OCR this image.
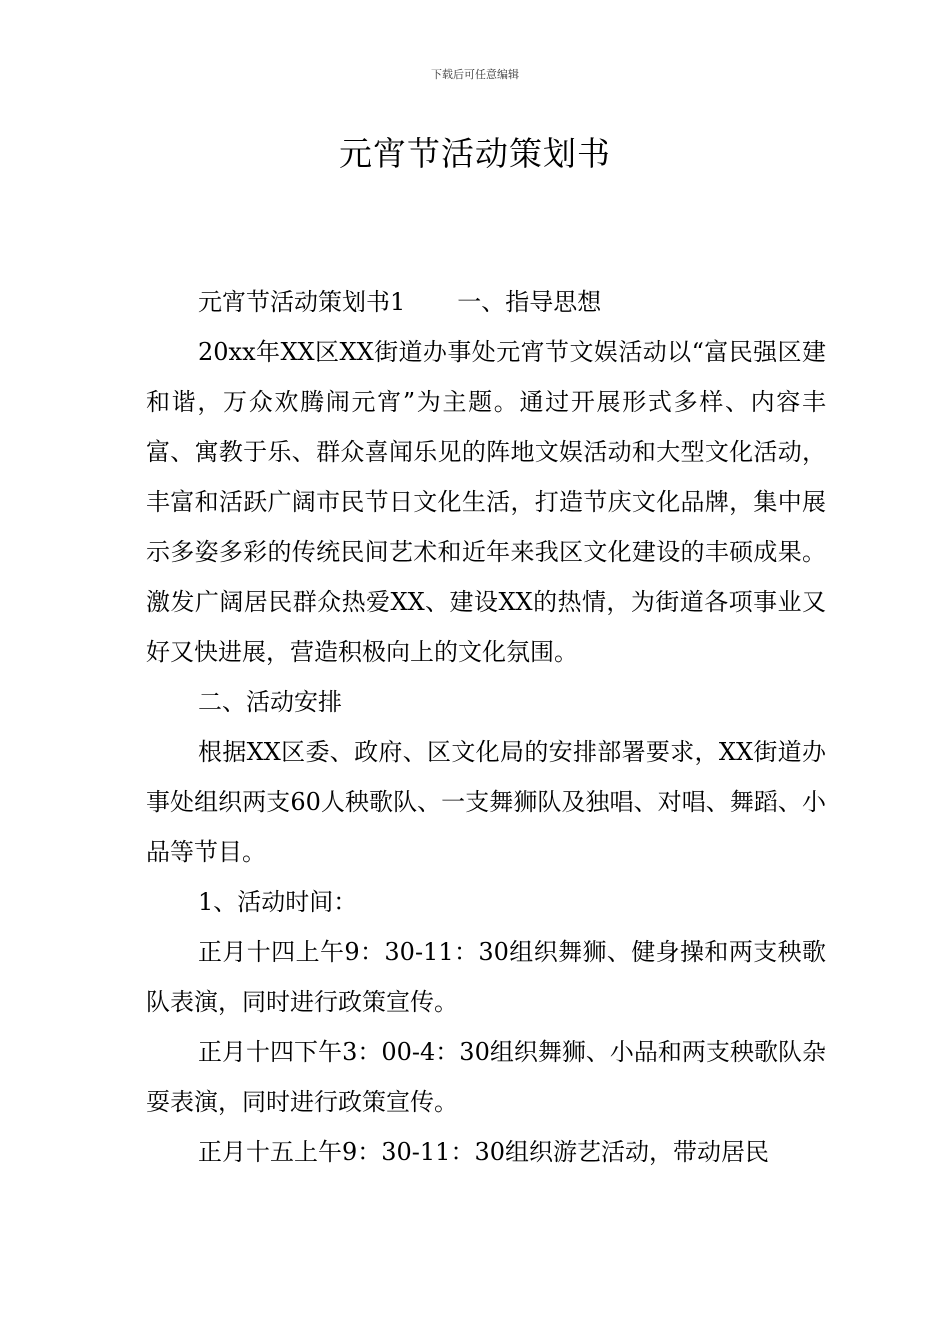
下载后可任意编辑
元宵节活动策划书

元宵节活动策划书1 一、指导思想

20xx年XX区XX街道办事处元宵节文娱活动以“富民强区建和谐，万众欢腾闹元宵”为主题。通过开展形式多样、内容丰富、寓教于乐、群众喜闻乐见的阵地文娱活动和大型文化活动，丰富和活跃广阔市民节日文化生活，打造节庆文化品牌，集中展示多姿多彩的传统民间艺术和近年来我区文化建设的丰硕成果。激发广阔居民群众热爱XX、建设XX的热情，为街道各项事业又好又快进展，营造积极向上的文化氛围。

二、活动安排

根据XX区委、政府、区文化局的安排部署要求，XX街道办事处组织两支60人秧歌队、一支舞狮队及独唱、对唱、舞蹈、小品等节目。

1、活动时间：

正月十四上午9：30-11：30组织舞狮、健身操和两支秧歌队表演，同时进行政策宣传。

正月十四下午3：00-4：30组织舞狮、小品和两支秧歌队杂耍表演，同时进行政策宣传。

正月十五上午9：30-11：30组织游艺活动，带动居民
